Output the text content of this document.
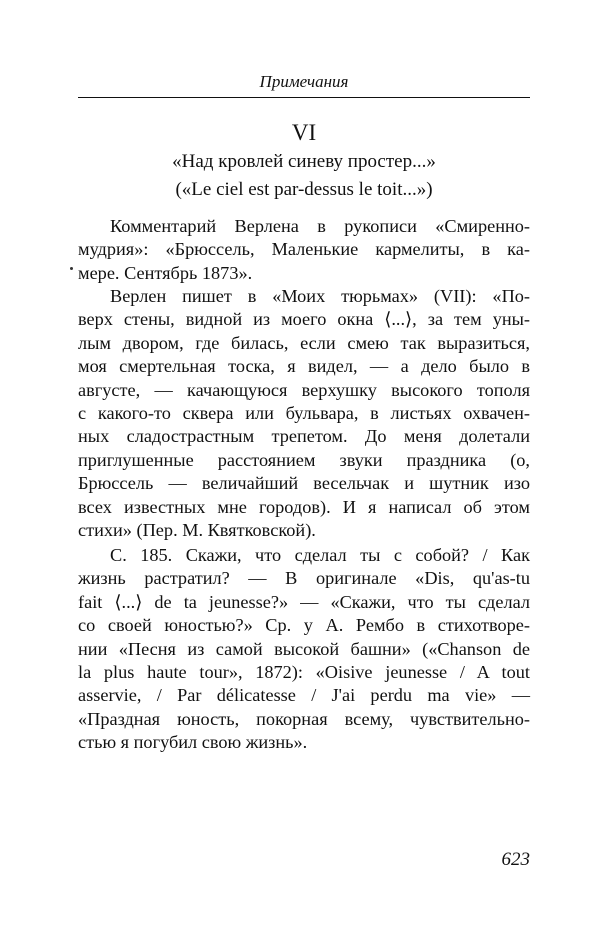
Примечания
VI
«Над кровлей синеву простер...»
(«Le ciel est par-dessus le toit...»)
Комментарий Верлена в рукописи «Смиренно-
мудрия»: «Брюссель, Маленькие кармелиты, в ка-
мере. Сентябрь 1873».
Верлен пишет в «Моих тюрьмах» (VII): «По-
верх стены, видной из моего окна ⟨...⟩, за тем уны-
лым двором, где билась, если смею так выразиться,
моя смертельная тоска, я видел, — а дело было в
августе, — качающуюся верхушку высокого тополя
с какого-то сквера или бульвара, в листьях охвачен-
ных сладострастным трепетом. До меня долетали
приглушенные расстоянием звуки праздника (о,
Брюссель — величайший весельчак и шутник изо
всех известных мне городов). И я написал об этом
стихи» (Пер. М. Квятковской).
С. 185. Скажи, что сделал ты с собой? / Как
жизнь растратил? — В оригинале «Dis, qu'as-tu
fait ⟨...⟩ de ta jeunesse?» — «Скажи, что ты сделал
со своей юностью?» Ср. у А. Рембо в стихотворе-
нии «Песня из самой высокой башни» («Chanson de
la plus haute tour», 1872): «Oisive jeunesse / A tout
asservie, / Par délicatesse / J'ai perdu ma vie» —
«Праздная юность, покорная всему, чувствительно-
стью я погубил свою жизнь».
623
